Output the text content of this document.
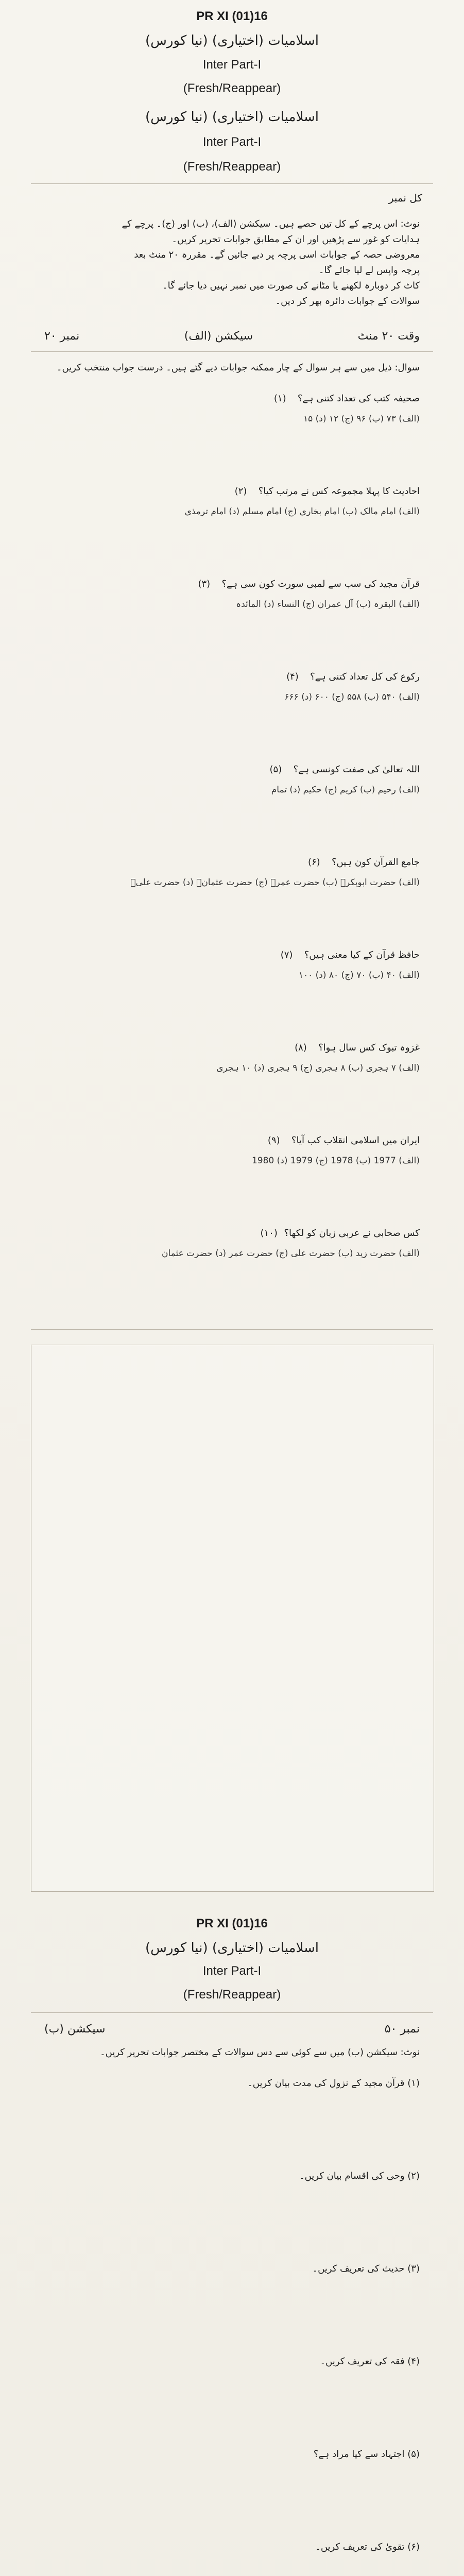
PR XI (01)16
اسلامیات (اختیاری) (نیا کورس)
Inter Part-I
(Fresh/Reappear)
اسلامیات (اختیاری) (نیا کورس)
Inter Part-I
(Fresh/Reappear)
کل نمبر
نوٹ: اس پرچے کے کل تین حصے ہیں۔ سیکشن (الف)، (ب) اور (ج)۔ پرچے کے
ہدایات کو غور سے پڑھیں اور ان کے مطابق جوابات تحریر کریں۔
معروضی حصہ کے جوابات اسی پرچہ پر دیے جائیں گے۔ مقررہ ۲۰ منٹ بعد
پرچہ واپس لے لیا جائے گا۔
کاٹ کر دوبارہ لکھنے یا مٹانے کی صورت میں نمبر نہیں دیا جائے گا۔
سوالات کے جوابات دائرہ بھر کر دیں۔
وقت ۲۰ منٹ
سیکشن (الف)
نمبر ۲۰
سوال: ذیل میں سے ہر سوال کے چار ممکنہ جوابات دیے گئے ہیں۔ درست جواب منتخب کریں۔
صحیفہ کتب کی تعداد کتنی ہے؟(۱)
(الف) ۷۳ (ب) ۹۶ (ج) ۱۲ (د) ۱۵
احادیث کا پہلا مجموعہ کس نے مرتب کیا؟(۲)
(الف) امام مالک (ب) امام بخاری (ج) امام مسلم (د) امام ترمذی
قرآن مجید کی سب سے لمبی سورت کون سی ہے؟(۳)
(الف) البقرہ (ب) آل عمران (ج) النساء (د) المائدہ
رکوع کی کل تعداد کتنی ہے؟(۴)
(الف) ۵۴۰ (ب) ۵۵۸ (ج) ۶۰۰ (د) ۶۶۶
اللہ تعالیٰ کی صفت کونسی ہے؟(۵)
(الف) رحیم (ب) کریم (ج) حکیم (د) تمام
جامع القرآن کون ہیں؟(۶)
(الف) حضرت ابوبکرؓ (ب) حضرت عمرؓ (ج) حضرت عثمانؓ (د) حضرت علیؓ
حافظ قرآن کے کیا معنی ہیں؟(۷)
(الف) ۴۰ (ب) ۷۰ (ج) ۸۰ (د) ۱۰۰
غزوہ تبوک کس سال ہوا؟(۸)
(الف) ۷ ہجری (ب) ۸ ہجری (ج) ۹ ہجری (د) ۱۰ ہجری
ایران میں اسلامی انقلاب کب آیا؟(۹)
(الف) 1977 (ب) 1978 (ج) 1979 (د) 1980
کس صحابی نے عربی زبان کو لکھا؟(۱۰)
(الف) حضرت زید (ب) حضرت علی (ج) حضرت عمر (د) حضرت عثمان
PR XI (01)16
اسلامیات (اختیاری) (نیا کورس)
Inter Part-I
(Fresh/Reappear)
نمبر ۵۰
سیکشن (ب)
نوٹ: سیکشن (ب) میں سے کوئی سے دس سوالات کے مختصر جوابات تحریر کریں۔
(۱) قرآن مجید کے نزول کی مدت بیان کریں۔
(۲) وحی کی اقسام بیان کریں۔
(۳) حدیث کی تعریف کریں۔
(۴) فقہ کی تعریف کریں۔
(۵) اجتہاد سے کیا مراد ہے؟
(۶) تقویٰ کی تعریف کریں۔
